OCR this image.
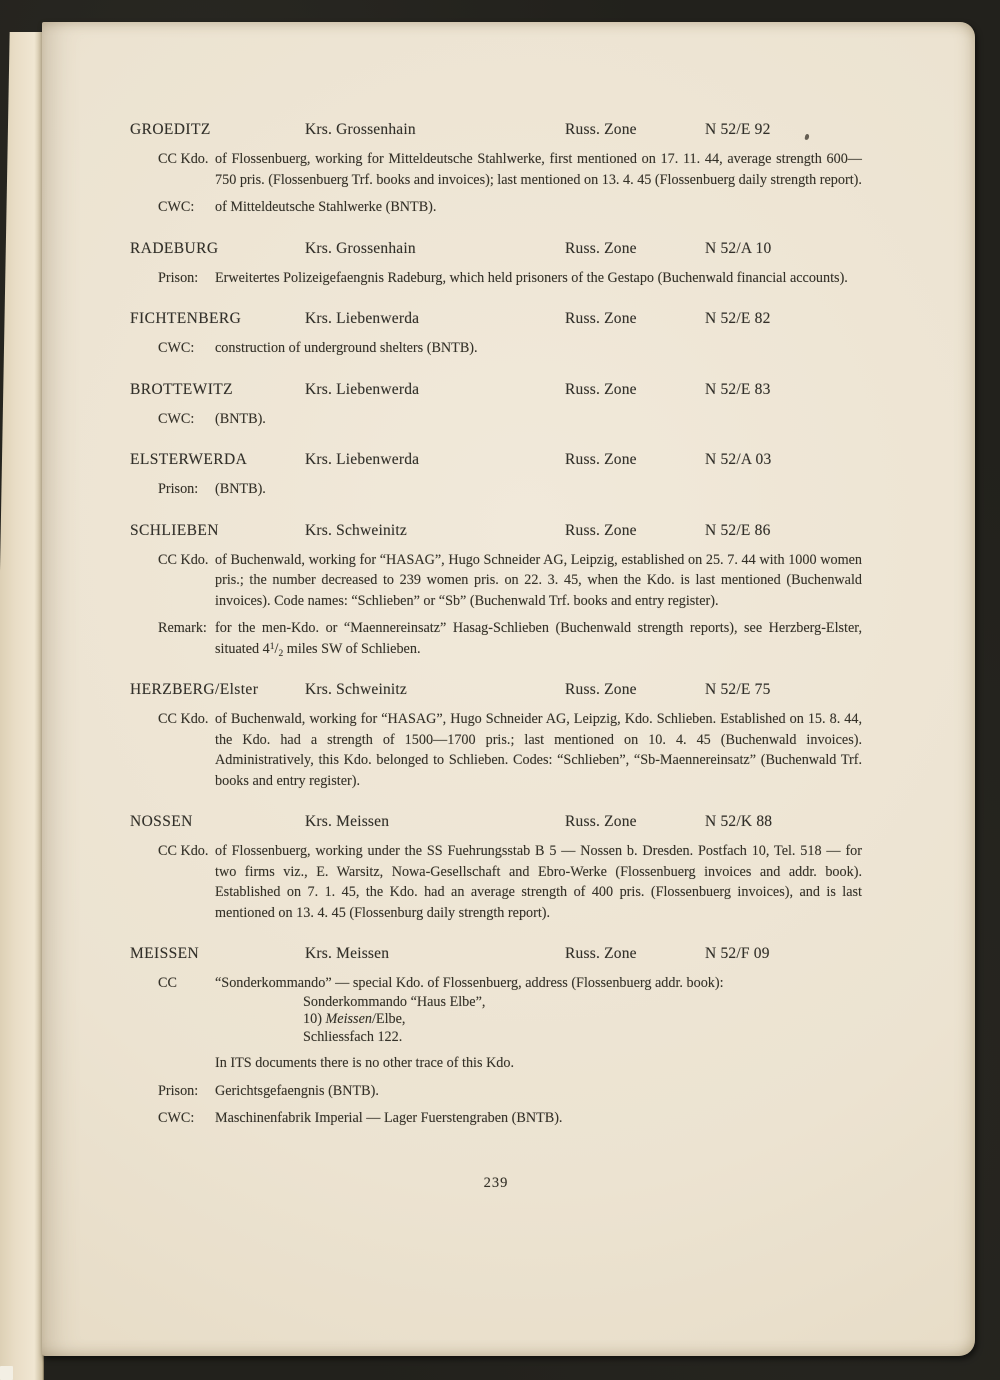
GROEDITZ	Krs. Grossenhain	Russ. Zone	N 52/E 92
CC Kdo. of Flossenbuerg, working for Mitteldeutsche Stahlwerke, first mentioned on 17. 11. 44, average strength 600—750 pris. (Flossenbuerg Trf. books and invoices); last mentioned on 13. 4. 45 (Flossenbuerg daily strength report).
CWC: of Mitteldeutsche Stahlwerke (BNTB).
RADEBURG	Krs. Grossenhain	Russ. Zone	N 52/A 10
Prison: Erweitertes Polizeigefaengnis Radeburg, which held prisoners of the Gestapo (Buchenwald financial accounts).
FICHTENBERG	Krs. Liebenwerda	Russ. Zone	N 52/E 82
CWC: construction of underground shelters (BNTB).
BROTTEWITZ	Krs. Liebenwerda	Russ. Zone	N 52/E 83
CWC: (BNTB).
ELSTERWERDA	Krs. Liebenwerda	Russ. Zone	N 52/A 03
Prison: (BNTB).
SCHLIEBEN	Krs. Schweinitz	Russ. Zone	N 52/E 86
CC Kdo. of Buchenwald, working for “HASAG”, Hugo Schneider AG, Leipzig, established on 25. 7. 44 with 1000 women pris.; the number decreased to 239 women pris. on 22. 3. 45, when the Kdo. is last mentioned (Buchenwald invoices). Code names: “Schlieben” or “Sb” (Buchenwald Trf. books and entry register).
Remark: for the men-Kdo. or “Maennereinsatz” Hasag-Schlieben (Buchenwald strength reports), see Herzberg-Elster, situated $4^1/_2$ miles SW of Schlieben.
HERZBERG/Elster	Krs. Schweinitz	Russ. Zone	N 52/E 75
CC Kdo. of Buchenwald, working for “HASAG”, Hugo Schneider AG, Leipzig, Kdo. Schlieben. Established on 15. 8. 44, the Kdo. had a strength of 1500—1700 pris.; last mentioned on 10. 4. 45 (Buchenwald invoices). Administratively, this Kdo. belonged to Schlieben. Codes: “Schlieben”, “Sb-Maennereinsatz” (Buchenwald Trf. books and entry register).
NOSSEN	Krs. Meissen	Russ. Zone	N 52/K 88
CC Kdo. of Flossenbuerg, working under the SS Fuehrungsstab B 5 — Nossen b. Dresden. Postfach 10, Tel. 518 — for two firms viz., E. Warsitz, Nowa-Gesellschaft and Ebro-Werke (Flossenbuerg invoices and addr. book). Established on 7. 1. 45, the Kdo. had an average strength of 400 pris. (Flossenbuerg invoices), and is last mentioned on 13. 4. 45 (Flossenburg daily strength report).
MEISSEN	Krs. Meissen	Russ. Zone	N 52/F 09
CC	“Sonderkommando” — special Kdo. of Flossenbuerg, address (Flossenbuerg addr. book):
Sonderkommando “Haus Elbe”,
10) Meissen/Elbe,
Schliessfach 122.
In ITS documents there is no other trace of this Kdo.
Prison: Gerichtsgefaengnis (BNTB).
CWC: Maschinenfabrik Imperial — Lager Fuerstengraben (BNTB).
239
